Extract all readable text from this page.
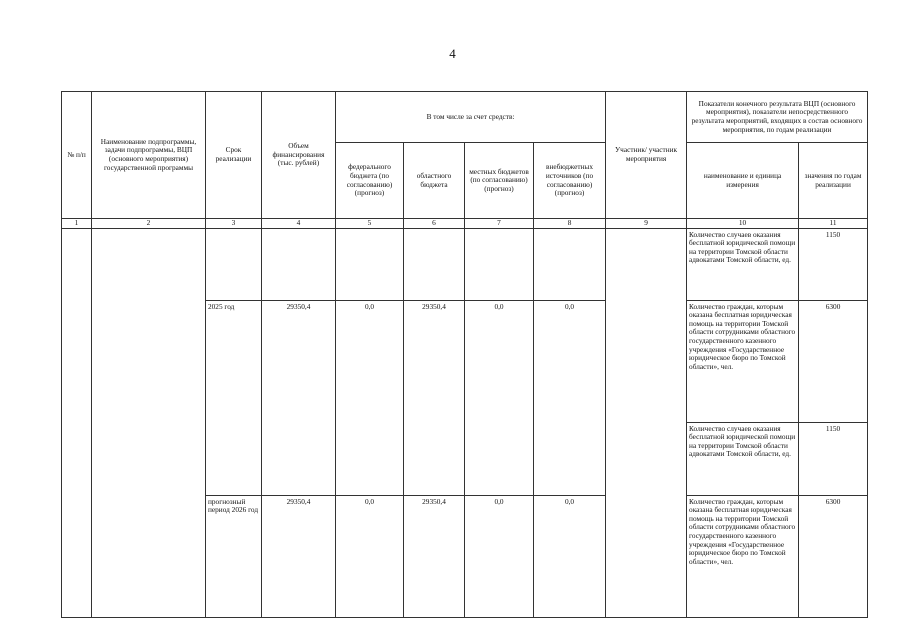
4
№ п/п	Наименование подпрограммы, задачи подпрограммы, ВЦП (основного мероприятия) государственной программы	Срок реализации	Объем финансирования (тыс. рублей)	В том числе за счет средств:				Участник/ участник мероприятия	Показатели конечного результата ВЦП (основного мероприятия), показатели непосредственного результата мероприятий, входящих в состав основного мероприятия, по годам реализации	
				федерального бюджета (по согласованию) (прогноз)	областного бюджета	местных бюджетов (по согласованию) (прогноз)	внебюджетных источников (по согласованию) (прогноз)		наименование и единица измерения	значения по годам реализации
1	2	3	4	5	6	7	8	9	10	11
									Количество случаев оказания бесплатной юридической помощи на территории Томской области адвокатами Томской области, ед.	1150
		2025 год	29350,4	0,0	29350,4	0,0	0,0		Количество граждан, которым оказана бесплатная юридическая помощь на территории Томской области сотрудниками областного государственного казенного учреждения «Государственное юридическое бюро по Томской области», чел.	6300
									Количество случаев оказания бесплатной юридической помощи на территории Томской области адвокатами Томской области, ед.	1150
		прогнозный период 2026 год	29350,4	0,0	29350,4	0,0	0,0		Количество граждан, которым оказана бесплатная юридическая помощь на территории Томской области сотрудниками областного государственного казенного учреждения «Государственное юридическое бюро по Томской области», чел.	6300
